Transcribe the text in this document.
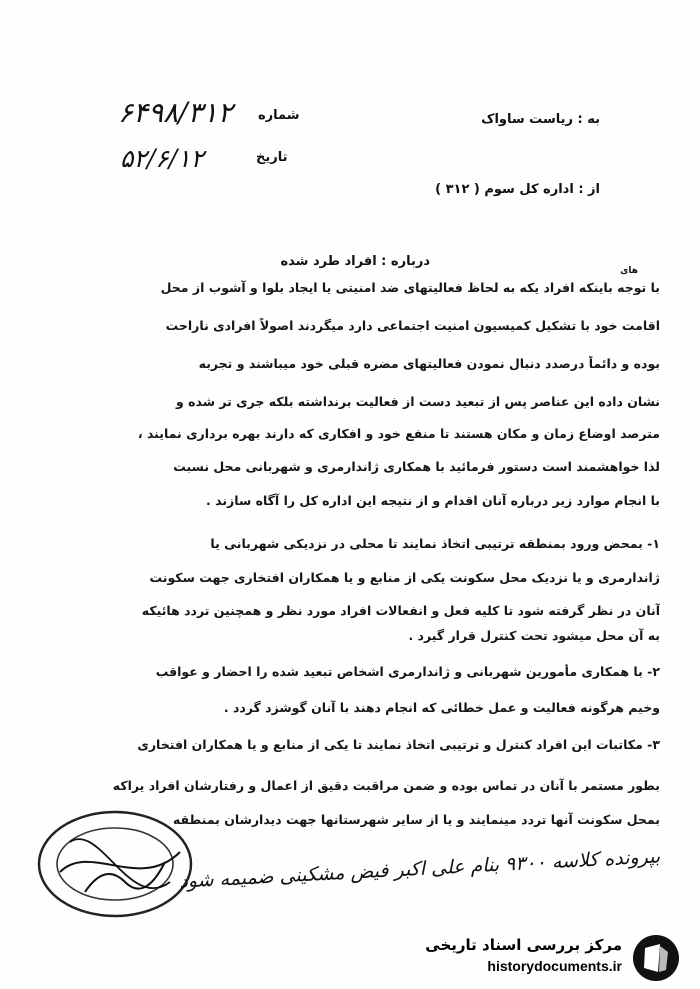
۶۴۹۸/۳۱۲ شماره
۵۲/۶/۱۲	تاریخ
به : ریاست ساواک
از : اداره کل سوم ( ۳۱۲ )
درباره : افراد طرد شده
های
با توجه باینکه افراد یکه به لحاظ فعالیتهای ضد امنیتی یا ایجاد بلوا و آشوب از محل
اقامت خود با تشکیل کمیسیون امنیت اجتماعی دارد میگردند اصولاً افرادی ناراحت
بوده و دائماً درصدد دنبال نمودن فعالیتهای مضره قبلی خود میباشند و تجربه
نشان داده این عناصر پس از تبعید دست از فعالیت برنداشته بلکه جری تر شده و
مترصد اوضاع زمان و مکان هستند تا منفع خود و افکاری که دارند بهره برداری نمایند ،
لذا خواهشمند است دستور فرمائید با همکاری ژاندارمری و شهربانی محل نسبت
با انجام موارد زیر درباره آنان اقدام و از نتیجه این اداره کل را آگاه سازند .
۱- بمحض ورود بمنطقه ترتیبی اتخاذ نمایند تا محلی در نزدیکی شهربانی یا
ژاندارمری و یا نزدیک محل سکونت یکی از منابع و یا همکاران افتخاری جهت سکونت
آنان در نظر گرفته شود تا کلیه فعل و انفعالات افراد مورد نظر و همچنین تردد هائیکه
به آن محل میشود تحت کنترل قرار گیرد .
۲- با همکاری مأمورین شهربانی و ژاندارمری اشخاص تبعید شده را احضار و عواقب
وخیم هرگونه فعالیت و عمل خطائی که انجام دهند با آنان گوشزد گردد .
۳- مکاتبات این افراد کنترل و ترتیبی اتخاذ نمایند تا یکی از منابع و یا همکاران افتخاری
بطور مستمر با آنان در تماس بوده و ضمن مراقبت دقیق از اعمال و رفتارشان افراد یراکه
بمحل سکونت آنها تردد مینمایند و یا از سایر شهرستانها جهت دیدارشان بمنطقه
بپرونده کلاسه ۹۳۰۰ بنام علی اکبر فیض مشکینی ضمیمه شود
مرکز بررسی اسناد تاریخی
historydocuments.ir
